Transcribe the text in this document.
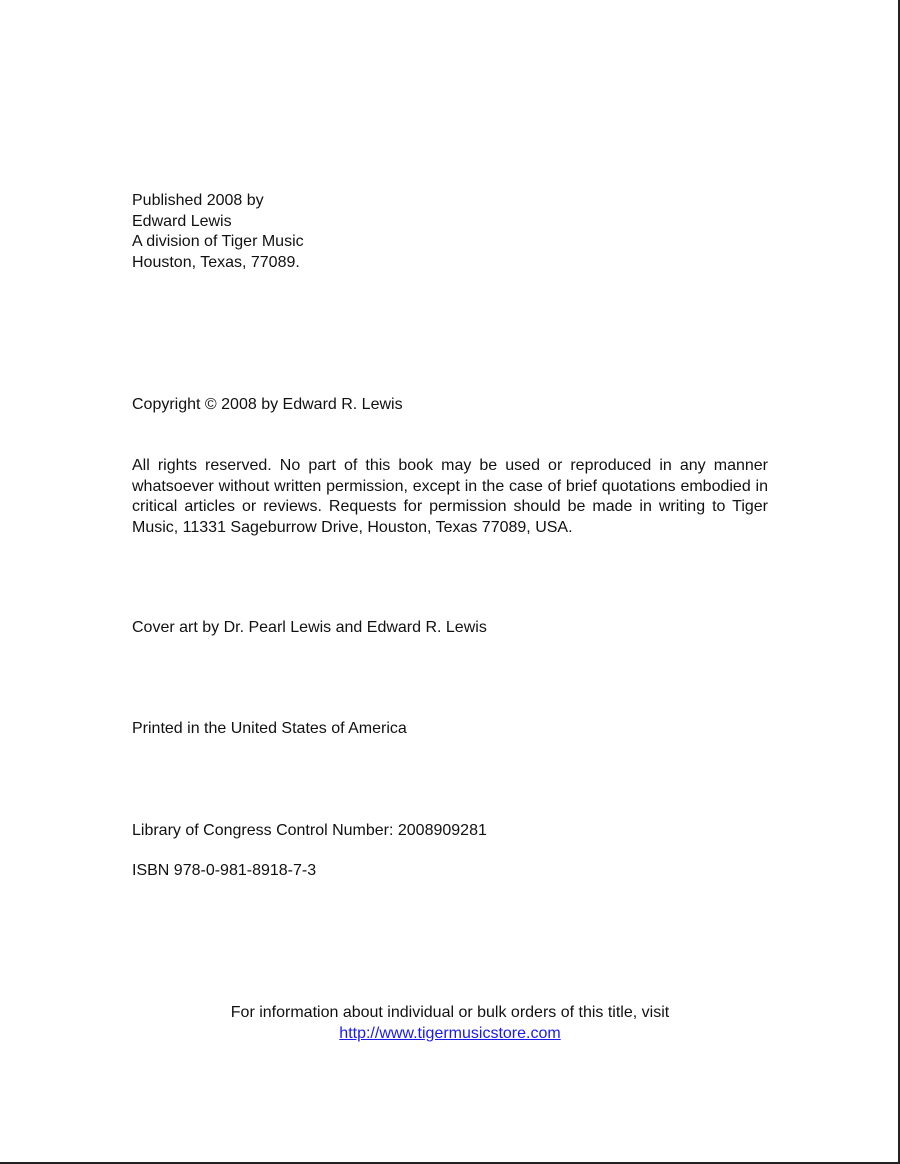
Published 2008 by
Edward Lewis
A division of Tiger Music
Houston, Texas, 77089.
Copyright © 2008 by Edward R. Lewis
All rights reserved. No part of this book may be used or reproduced in any manner whatsoever without written permission, except in the case of brief quotations embodied in critical articles or reviews. Requests for permission should be made in writing to Tiger Music, 11331 Sageburrow Drive, Houston, Texas 77089, USA.
Cover art by Dr. Pearl Lewis and Edward R. Lewis
Printed in the United States of America
Library of Congress Control Number: 2008909281
ISBN 978-0-981-8918-7-3
For information about individual or bulk orders of this title, visit
http://www.tigermusicstore.com
